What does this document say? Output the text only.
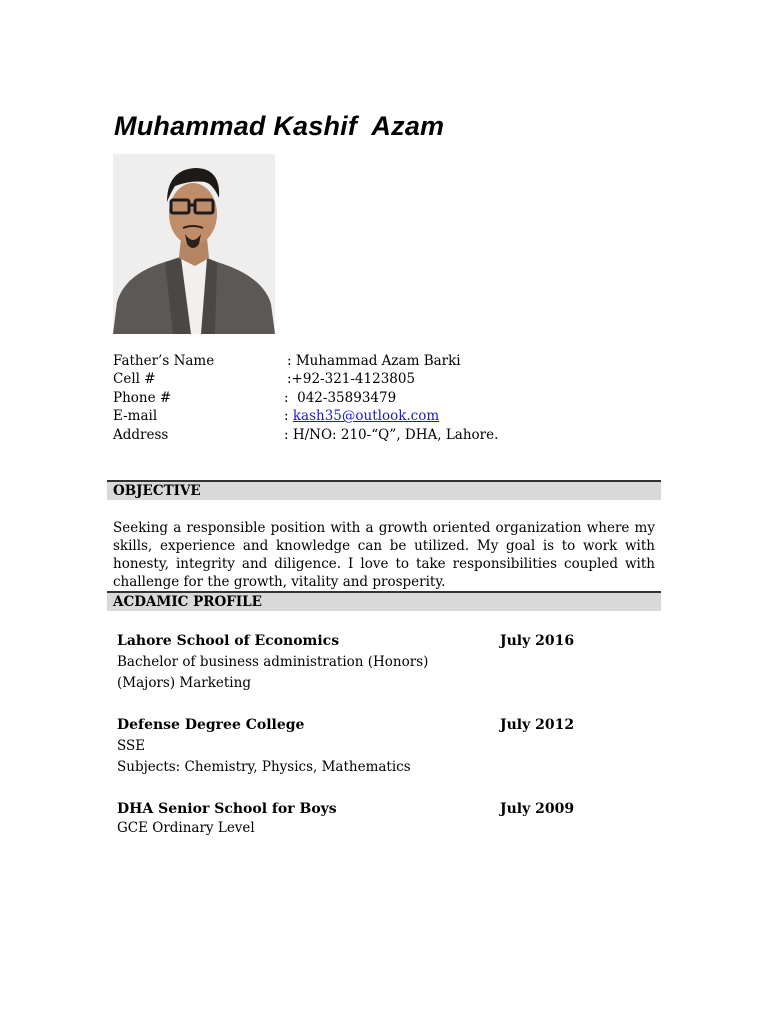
Muhammad Kashif  Azam
Father’s Name	: Muhammad Azam Barki
Cell #	:+92-321-4123805
Phone #	:  042-35893479
E-mail	: kash35@outlook.com
Address	: H/NO: 210-“Q”, DHA, Lahore.
OBJECTIVE
Seeking a responsible position with a growth oriented organization where my skills, experience and knowledge can be utilized. My goal is to work with honesty, integrity and diligence. I love to take responsibilities coupled with challenge for the growth, vitality and prosperity.
ACDAMIC PROFILE
Lahore School of Economics	July 2016
Bachelor of business administration (Honors)
(Majors) Marketing
Defense Degree College	July 2012
SSE
Subjects: Chemistry, Physics, Mathematics
DHA Senior School for Boys	July 2009
GCE Ordinary Level
